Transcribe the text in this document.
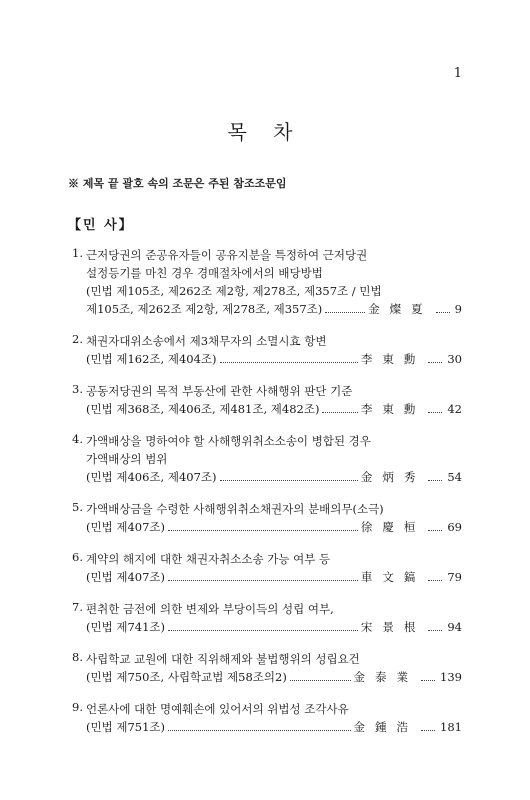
1
목 차
※ 제목 끝 괄호 속의 조문은 주된 참조조문임
【민 사】
1. 근저당권의 준공유자들이 공유지분을 특정하여 근저당권
설정등기를 마친 경우 경매절차에서의 배당방법
(민법 제105조, 제262조 제2항, 제278조, 제357조 / 민법
제105조, 제262조 제2항, 제278조, 제357조)	金燦夏 9
2. 채권자대위소송에서 제3채무자의 소멸시효 항변
(민법 제162조, 제404조)	李東勳 30
3. 공동저당권의 목적 부동산에 관한 사해행위 판단 기준
(민법 제368조, 제406조, 제481조, 제482조)	李東勳 42
4. 가액배상을 명하여야 할 사해행위취소소송이 병합된 경우
가액배상의 범위
(민법 제406조, 제407조)	金炳秀 54
5. 가액배상금을 수령한 사해행위취소채권자의 분배의무(소극)
(민법 제407조)	徐慶桓 69
6. 계약의 해지에 대한 채권자취소소송 가능 여부 등
(민법 제407조)	車文鎬 79
7. 편취한 금전에 의한 변제와 부당이득의 성립 여부,
(민법 제741조)	宋景根 94
8. 사립학교 교원에 대한 직위해제와 불법행위의 성립요건
(민법 제750조, 사립학교법 제58조의2)	金泰業 139
9. 언론사에 대한 명예훼손에 있어서의 위법성 조각사유
(민법 제751조)	金鍾浩 181
